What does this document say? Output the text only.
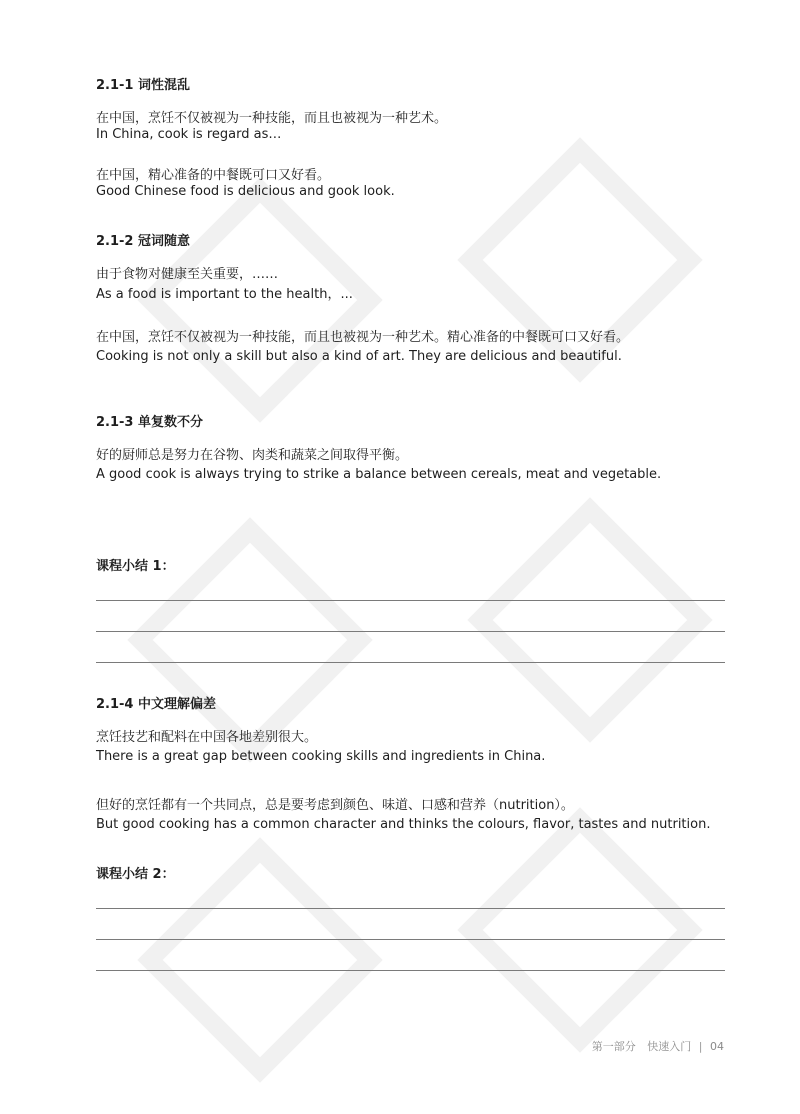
2.1-1 词性混乱
在中国，烹饪不仅被视为一种技能，而且也被视为一种艺术。
In China, cook is regard as…
在中国，精心准备的中餐既可口又好看。
Good Chinese food is delicious and gook look.
2.1-2 冠词随意
由于食物对健康至关重要，……
As a food is important to the health，...
在中国，烹饪不仅被视为一种技能，而且也被视为一种艺术。精心准备的中餐既可口又好看。
Cooking is not only a skill but also a kind of art. They are delicious and beautiful.
2.1-3 单复数不分
好的厨师总是努力在谷物、肉类和蔬菜之间取得平衡。
A good cook is always trying to strike a balance between cereals, meat and vegetable.
课程小结 1：
2.1-4 中文理解偏差
烹饪技艺和配料在中国各地差别很大。
There is a great gap between cooking skills and ingredients in China.
但好的烹饪都有一个共同点，总是要考虑到颜色、味道、口感和营养（nutrition）。
But good cooking has a common character and thinks the colours, flavor, tastes and nutrition.
课程小结 2：
第一部分 快速入门 | 04
